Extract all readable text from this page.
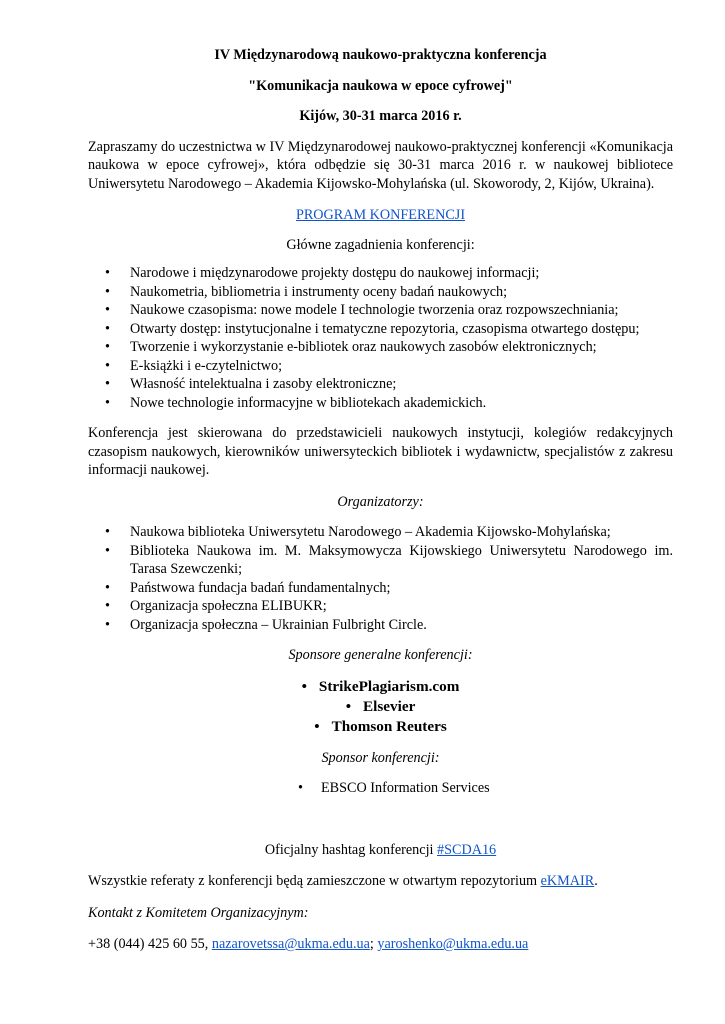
IV Międzynarodową naukowo-praktyczna konferencja

"Komunikacja naukowa w epoce cyfrowej"

Kijów, 30-31 marca 2016 r.

Zapraszamy do uczestnictwa w IV Międzynarodowej naukowo-praktycznej konferencji «Komunikacja naukowa w epoce cyfrowej», która odbędzie się 30-31 marca 2016 r. w naukowej bibliotece Uniwersytetu Narodowego – Akademia Kijowsko-Mohylańska (ul. Skoworody, 2, Kijów, Ukraina).

PROGRAM KONFERENCJI

Główne zagadnienia konferencji:

• Narodowe i międzynarodowe projekty dostępu do naukowej informacji;
• Naukometria, bibliometria i instrumenty oceny badań naukowych;
• Naukowe czasopisma: nowe modele I technologie tworzenia oraz rozpowszechniania;
• Otwarty dostęp: instytucjonalne i tematyczne repozytoria, czasopisma otwartego dostępu;
• Tworzenie i wykorzystanie e-bibliotek oraz naukowych zasobów elektronicznych;
• E-książki i e-czytelnictwo;
• Własność intelektualna i zasoby elektroniczne;
• Nowe technologie informacyjne w bibliotekach akademickich.

Konferencja jest skierowana do przedstawicieli naukowych instytucji, kolegiów redakcyjnych czasopism naukowych, kierowników uniwersyteckich bibliotek i wydawnictw, specjalistów z zakresu informacji naukowej.

Organizatorzy:

• Naukowa biblioteka Uniwersytetu Narodowego – Akademia Kijowsko-Mohylańska;
• Biblioteka Naukowa im. M. Maksymowycza Kijowskiego Uniwersytetu Narodowego im. Tarasa Szewczenki;
• Państwowa fundacja badań fundamentalnych;
• Organizacja społeczna ELIBUKR;
• Organizacja społeczna – Ukrainian Fulbright Circle.

Sponsore generalne konferencji:

• StrikePlagiarism.com
• Elsevier
• Thomson Reuters

Sponsor konferencji:

• EBSCO Information Services

Oficjalny hashtag konferencji #SCDA16

Wszystkie referaty z konferencji będą zamieszczone w otwartym repozytorium eKMAIR.

Kontakt z Komitetem Organizacyjnym:

+38 (044) 425 60 55, nazarovetssa@ukma.edu.ua; yaroshenko@ukma.edu.ua
